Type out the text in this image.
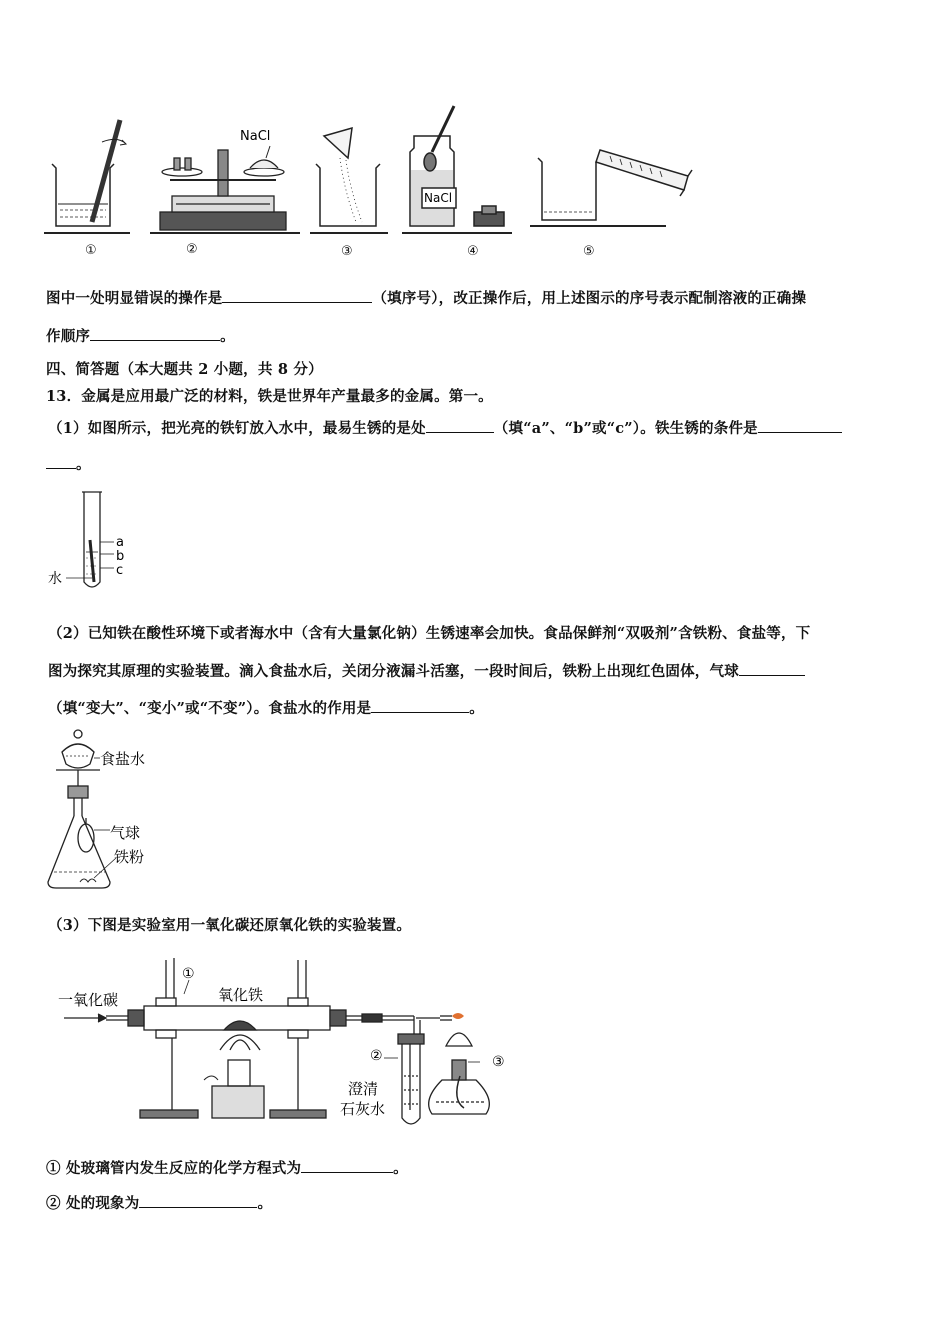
NaCl
NaCl
①	②	③	④	⑤
图中一处明显错误的操作是	（填序号），改正操作后，用上述图示的序号表示配制溶液的正确操
作顺序	。
四、简答题（本大题共 2 小题，共 8 分）
13．金属是应用最广泛的材料，铁是世界年产量最多的金属。第一。
（1）如图所示，把光亮的铁钉放入水中，最易生锈的是处	（填“a”、“b”或“c”）。铁生锈的条件是
。
a
b
c
水
（2）已知铁在酸性环境下或者海水中（含有大量氯化钠）生锈速率会加快。食品保鲜剂“双吸剂”含铁粉、食盐等，下
图为探究其原理的实验装置。滴入食盐水后，关闭分液漏斗活塞，一段时间后，铁粉上出现红色固体，气球
（填“变大”、“变小”或“不变”）。食盐水的作用是	。
食盐水
气球
铁粉
（3）下图是实验室用一氧化碳还原氧化铁的实验装置。
一氧化碳	氧化铁
①
②	③
澄清
石灰水
① 处玻璃管内发生反应的化学方程式为	。
② 处的现象为	。
